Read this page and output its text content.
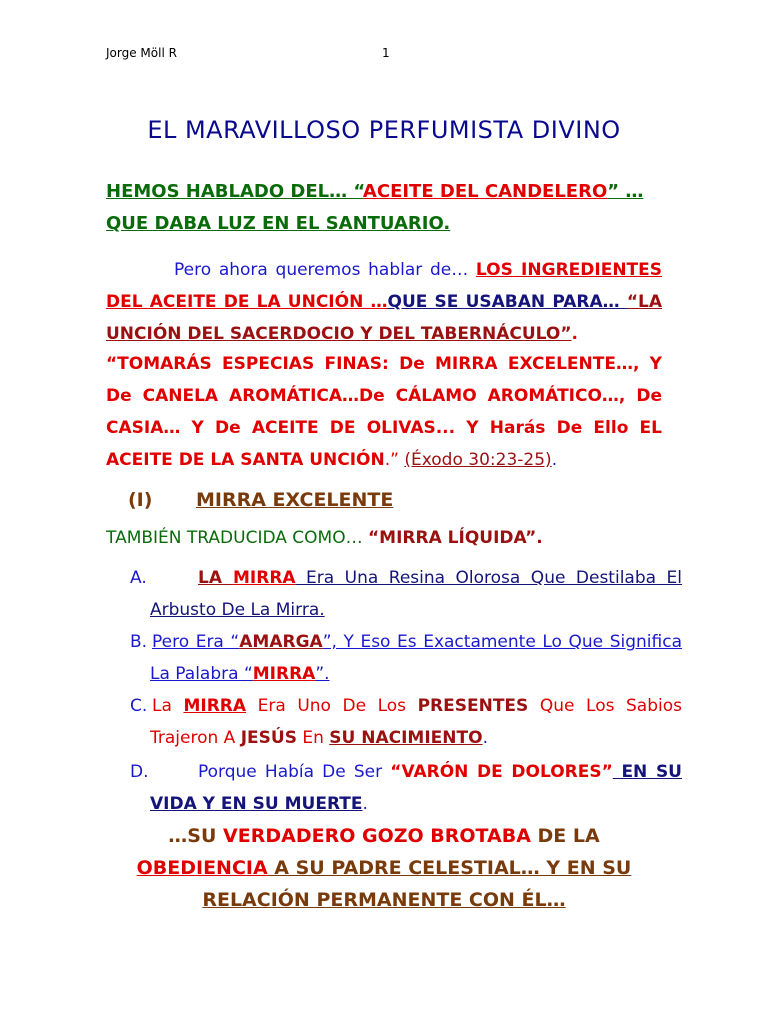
Jorge Möll R	1
EL MARAVILLOSO PERFUMISTA DIVINO
HEMOS HABLADO DEL… “ACEITE DEL CANDELERO” … QUE DABA LUZ EN EL SANTUARIO.
Pero ahora queremos hablar de… LOS INGREDIENTES DEL ACEITE DE LA UNCIÓN …QUE SE USABAN PARA… “LA UNCIÓN DEL SACERDOCIO Y DEL TABERNÁCULO”.
“TOMARÁS ESPECIAS FINAS: De MIRRA EXCELENTE…, Y De CANELA AROMÁTICA…De CÁLAMO AROMÁTICO…, De CASIA… Y De ACEITE DE OLIVAS... Y Harás De Ello EL ACEITE DE LA SANTA UNCIÓN.” (Éxodo 30:23-25).
(I) MIRRA EXCELENTE
TAMBIÉN TRADUCIDA COMO… “MIRRA LÍQUIDA”.
A.	LA MIRRA Era Una Resina Olorosa Que Destilaba El Arbusto De La Mirra.
B. Pero Era “AMARGA”, Y Eso Es Exactamente Lo Que Significa La Palabra “MIRRA”.
C. La MIRRA Era Uno De Los PRESENTES Que Los Sabios Trajeron A JESÚS En SU NACIMIENTO.
D.	Porque Había De Ser “VARÓN DE DOLORES” EN SU VIDA Y EN SU MUERTE.
…SU VERDADERO GOZO BROTABA DE LA OBEDIENCIA A SU PADRE CELESTIAL… Y EN SU RELACIÓN PERMANENTE CON ÉL…
